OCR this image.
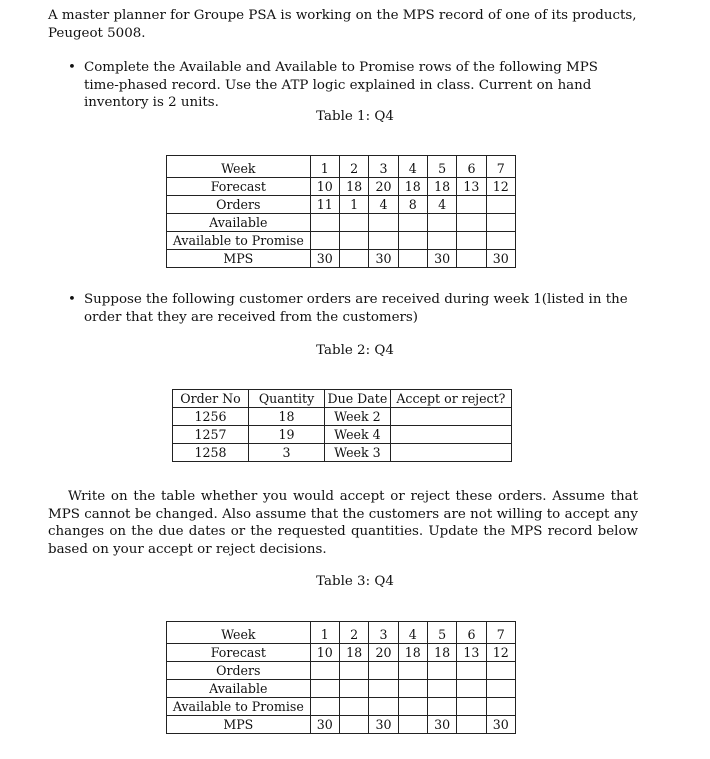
A master planner for Groupe PSA is working on the MPS record of one of its products, Peugeot 5008.

• Complete the Available and Available to Promise rows of the following MPS time-phased record. Use the ATP logic explained in class. Current on hand inventory is 2 units.
Table 1: Q4
Week	1	2	3	4	5	6	7
Forecast	10	18	20	18	18	13	12
Orders	11	1	4	8	4		
Available							
Available to Promise							
MPS	30		30		30		30
• Suppose the following customer orders are received during week 1(listed in the order that they are received from the customers)
Table 2: Q4
Order No	Quantity	Due Date	Accept or reject?
1256	18	Week 2	
1257	19	Week 4	
1258	3	Week 3	

Write on the table whether you would accept or reject these orders. Assume that MPS cannot be changed. Also assume that the customers are not willing to accept any changes on the due dates or the requested quantities. Update the MPS record below based on your accept or reject decisions.

Table 3: Q4
Week	1	2	3	4	5	6	7
Forecast	10	18	20	18	18	13	12
Orders							
Available							
Available to Promise							
MPS	30		30		30		30
